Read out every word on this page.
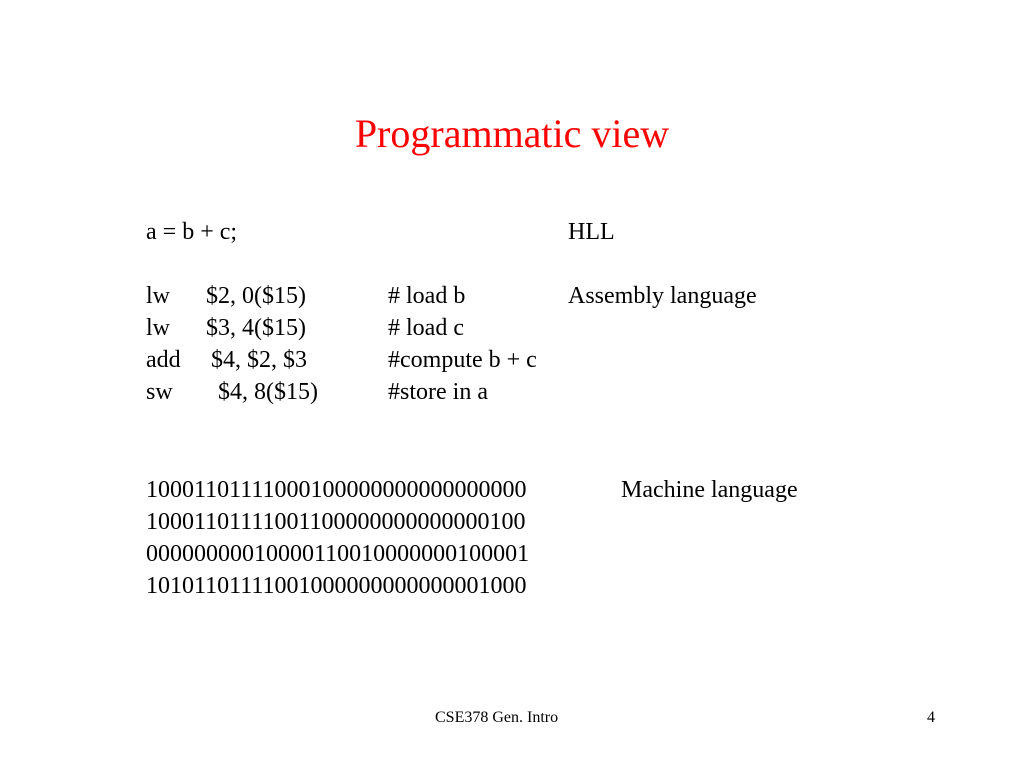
Programmatic view
a = b + c;	HLL
Assembly language
lw $2, 0($15)	# load b
lw $3, 4($15)	# load c
add $4, $2, $3	#compute b + c
sw $4, 8($15)	#store in a
Machine language
10001101111000100000000000000000
10001101111001100000000000000100
00000000010000110010000000100001
10101101111001000000000000001000
CSE378 Gen. Intro	4
